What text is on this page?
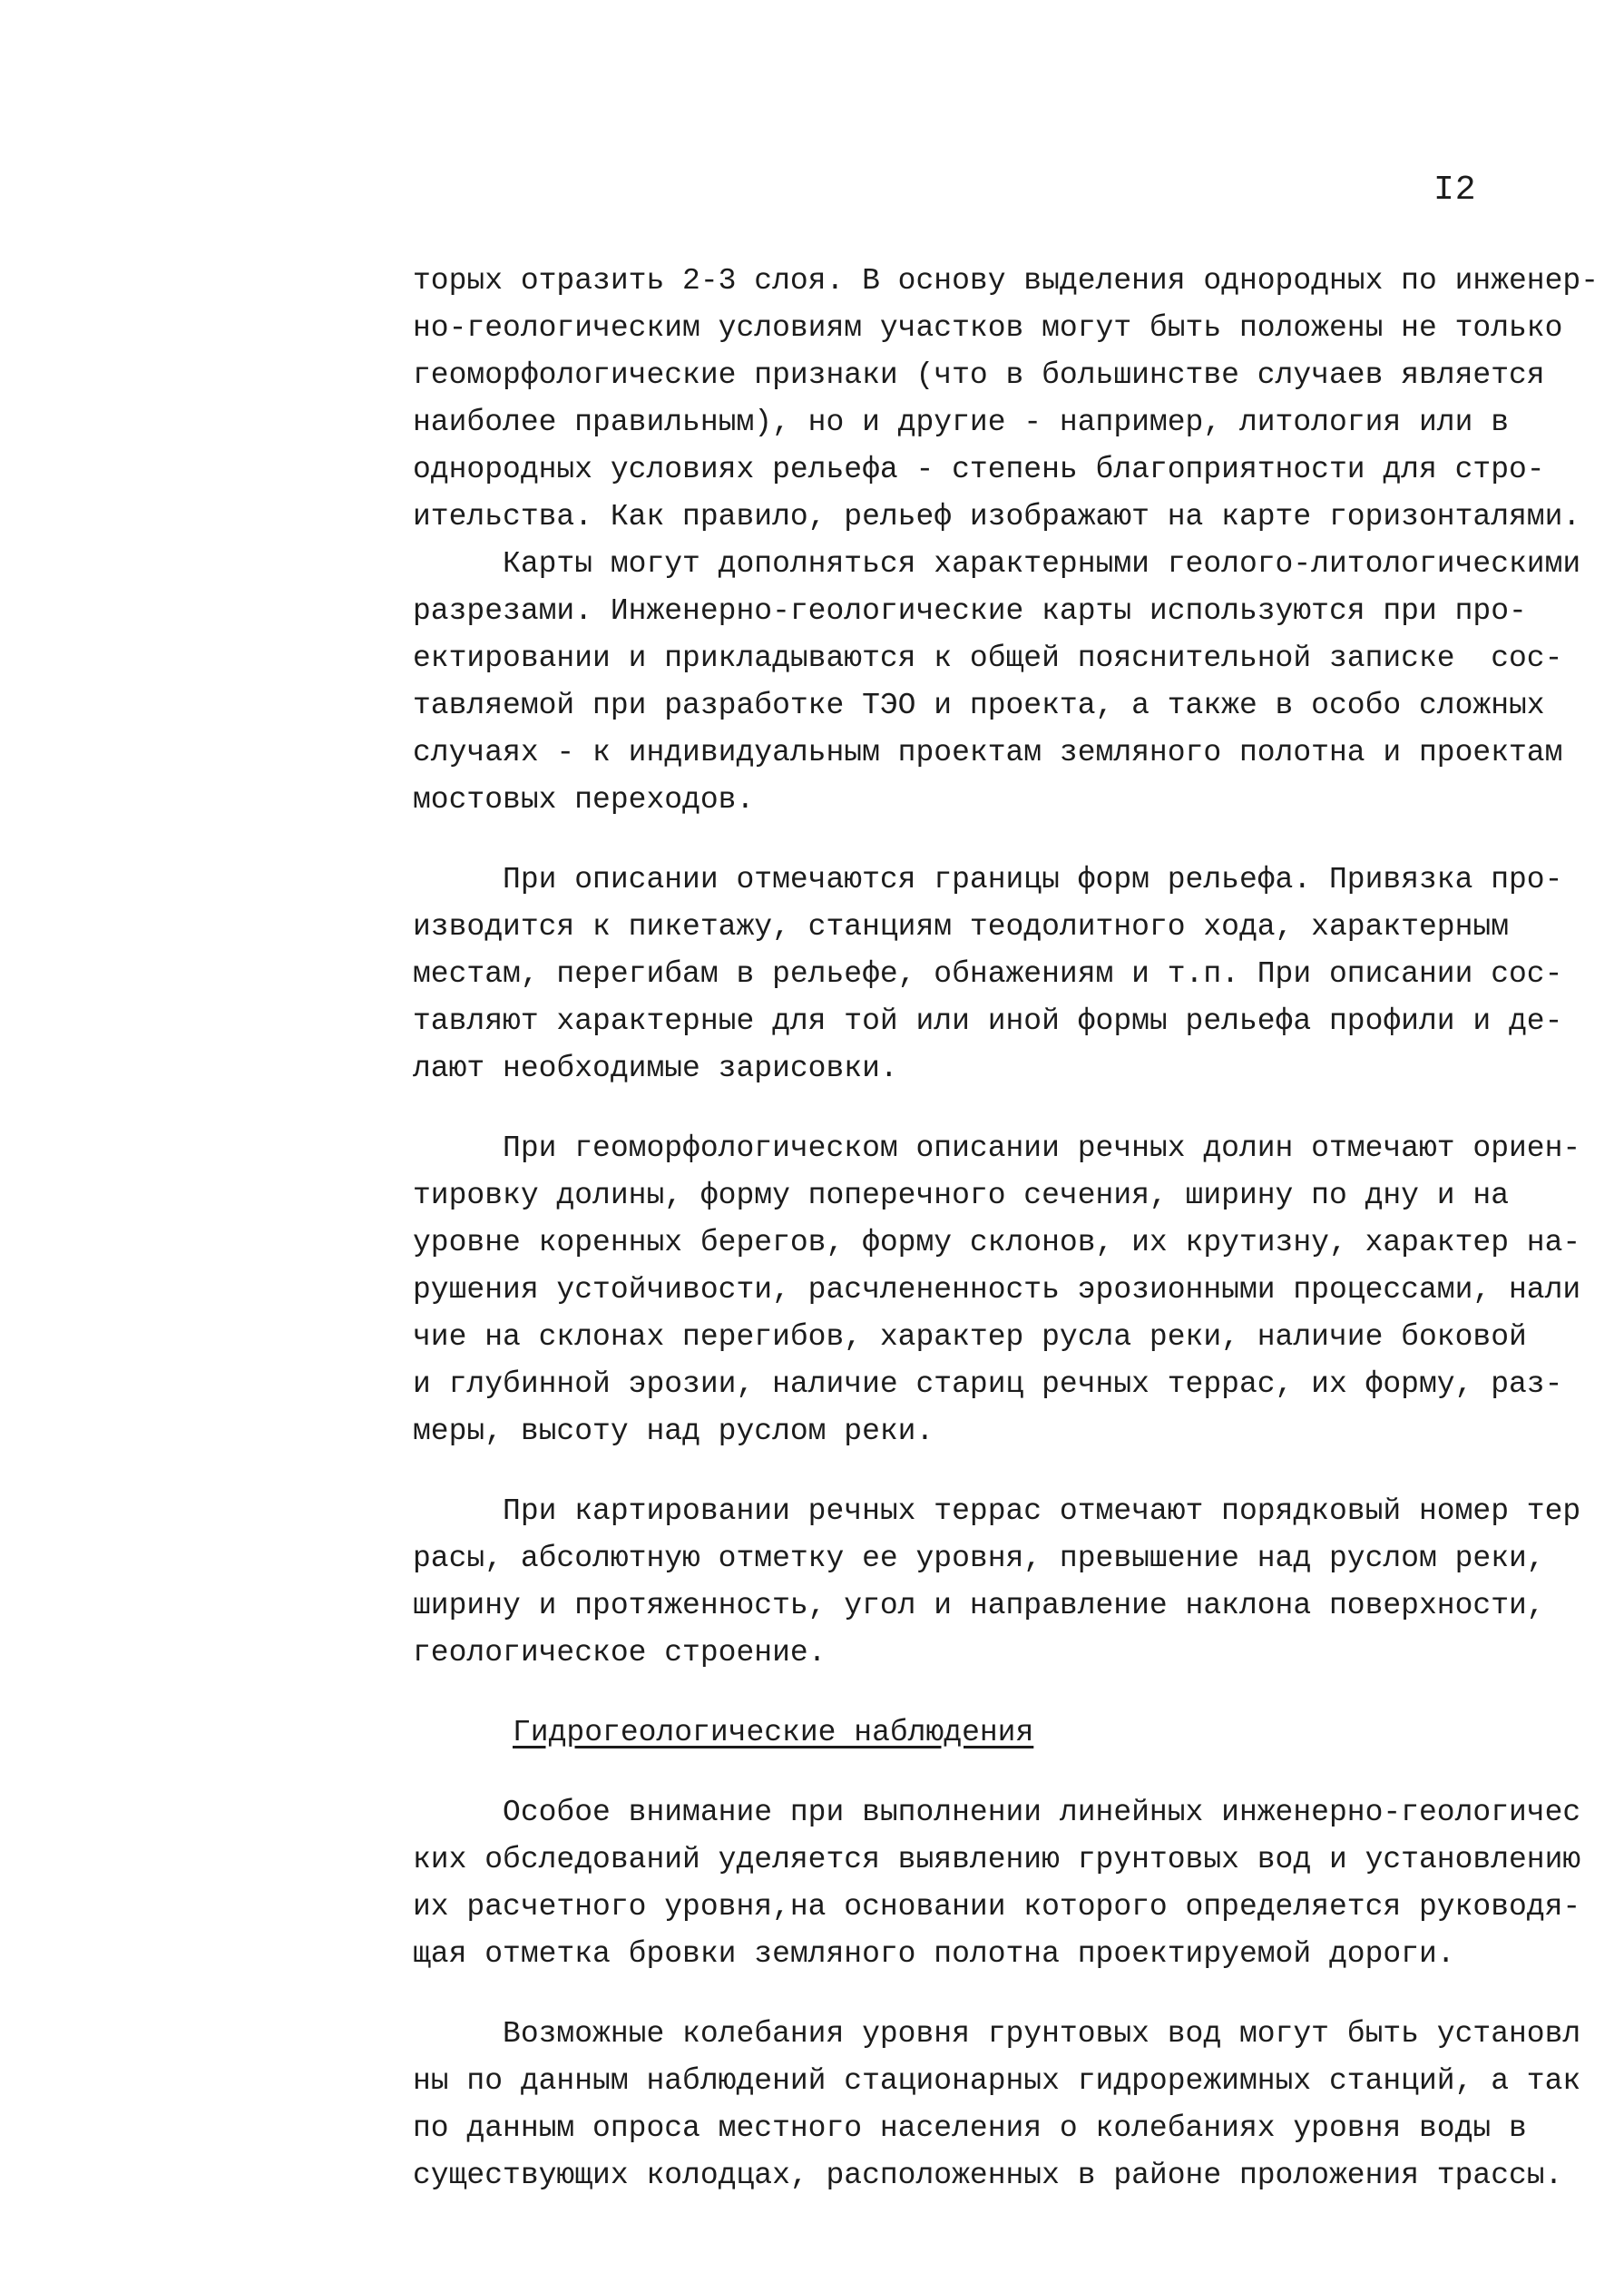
I2
торых отразить 2-3 слоя. В основу выделения однородных по инженер-
но-геологическим условиям участков могут быть положены не только
геоморфологические признаки (что в большинстве случаев является
наиболее правильным), но и другие - например, литология или в
однородных условиях рельефа - степень благоприятности для стро-
ительства. Как правило, рельеф изображают на карте горизонталями.
Карты могут дополняться характерными геолого-литологическими
разрезами. Инженерно-геологические карты используются при про-
ектировании и прикладываются к общей пояснительной записке  сос-
тавляемой при разработке ТЭО и проекта, а также в особо сложных
случаях - к индивидуальным проектам земляного полотна и проектам
мостовых переходов.
При описании отмечаются границы форм рельефа. Привязка про-
изводится к пикетажу, станциям теодолитного хода, характерным
местам, перегибам в рельефе, обнажениям и т.п. При описании сос-
тавляют характерные для той или иной формы рельефа профили и де-
лают необходимые зарисовки.
При геоморфологическом описании речных долин отмечают ориен-
тировку долины, форму поперечного сечения, ширину по дну и на
уровне коренных берегов, форму склонов, их крутизну, характер на-
рушения устойчивости, расчлененность эрозионными процессами, нали
чие на склонах перегибов, характер русла реки, наличие боковой
и глубинной эрозии, наличие стариц речных террас, их форму, раз-
меры, высоту над руслом реки.
При картировании речных террас отмечают порядковый номер тер
расы, абсолютную отметку ее уровня, превышение над руслом реки,
ширину и протяженность, угол и направление наклона поверхности,
геологическое строение.
Гидрогеологические наблюдения
Особое внимание при выполнении линейных инженерно-геологичес
ких обследований уделяется выявлению грунтовых вод и установлению
их расчетного уровня,на основании которого определяется руководя-
щая отметка бровки земляного полотна проектируемой дороги.
Возможные колебания уровня грунтовых вод могут быть установл
ны по данным наблюдений стационарных гидрорежимных станций, а так
по данным опроса местного населения о колебаниях уровня воды в
существующих колодцах, расположенных в районе проложения трассы.
